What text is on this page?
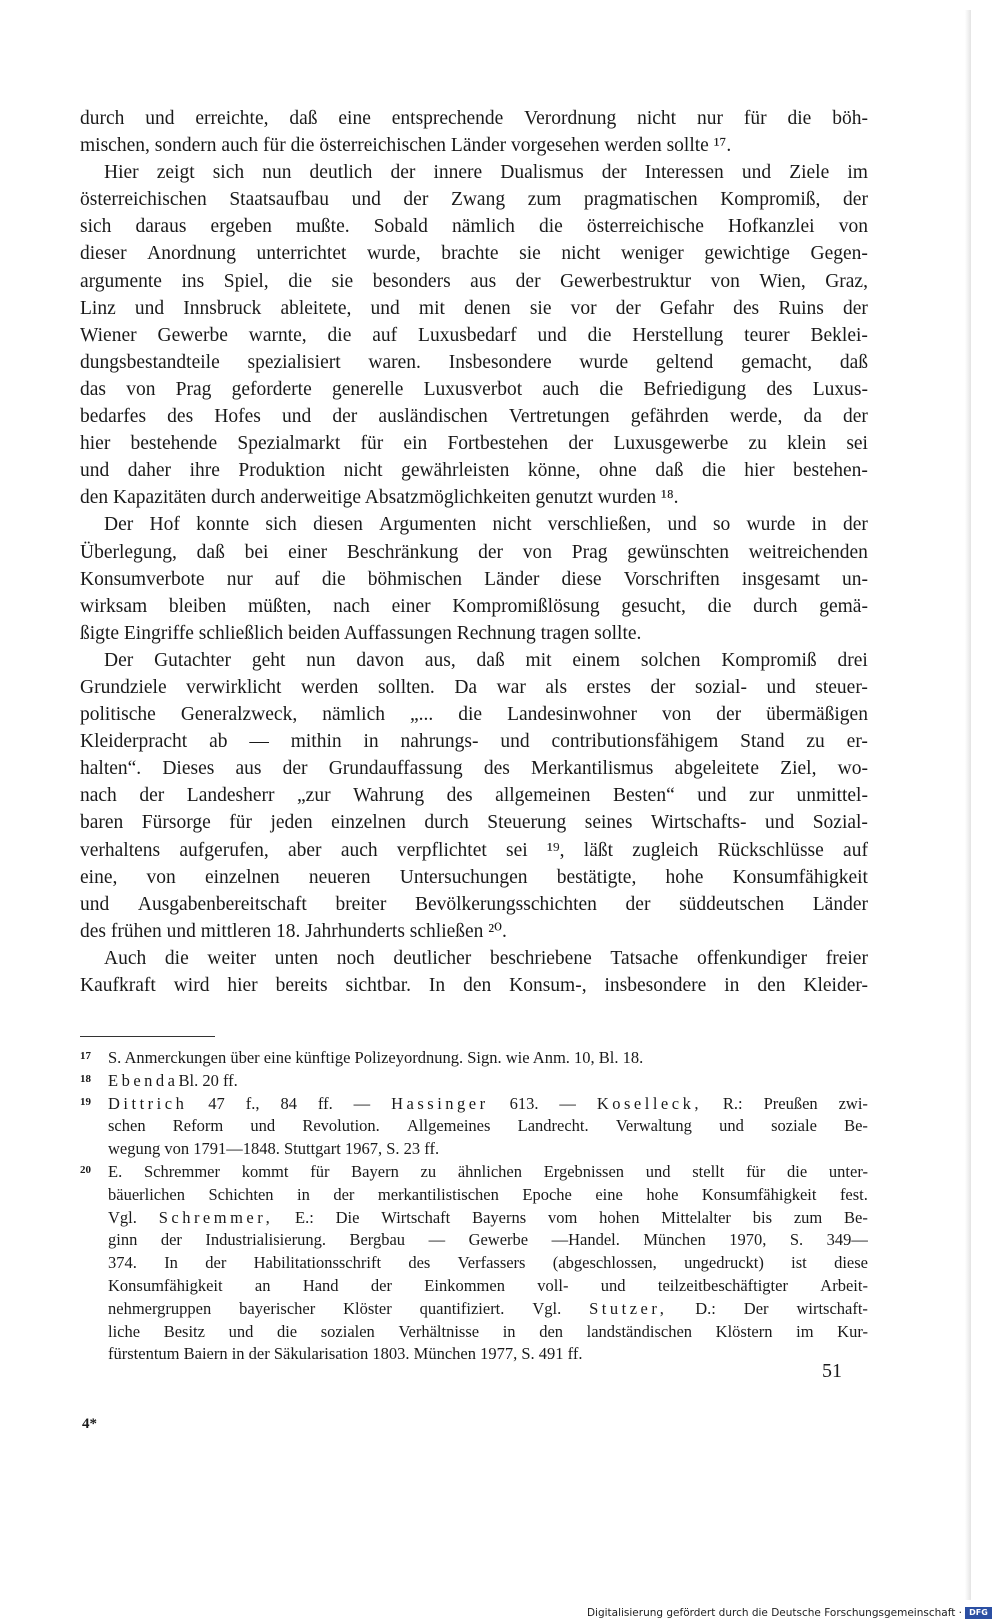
durch und erreichte, daß eine entsprechende Verordnung nicht nur für die böh-
mischen, sondern auch für die österreichischen Länder vorgesehen werden sollte ¹⁷.
Hier zeigt sich nun deutlich der innere Dualismus der Interessen und Ziele im
österreichischen Staatsaufbau und der Zwang zum pragmatischen Kompromiß, der
sich daraus ergeben mußte. Sobald nämlich die österreichische Hofkanzlei von
dieser Anordnung unterrichtet wurde, brachte sie nicht weniger gewichtige Gegen-
argumente ins Spiel, die sie besonders aus der Gewerbestruktur von Wien, Graz,
Linz und Innsbruck ableitete, und mit denen sie vor der Gefahr des Ruins der
Wiener Gewerbe warnte, die auf Luxusbedarf und die Herstellung teurer Beklei-
dungsbestandteile spezialisiert waren. Insbesondere wurde geltend gemacht, daß
das von Prag geforderte generelle Luxusverbot auch die Befriedigung des Luxus-
bedarfes des Hofes und der ausländischen Vertretungen gefährden werde, da der
hier bestehende Spezialmarkt für ein Fortbestehen der Luxusgewerbe zu klein sei
und daher ihre Produktion nicht gewährleisten könne, ohne daß die hier bestehen-
den Kapazitäten durch anderweitige Absatzmöglichkeiten genutzt wurden ¹⁸.
Der Hof konnte sich diesen Argumenten nicht verschließen, und so wurde in der
Überlegung, daß bei einer Beschränkung der von Prag gewünschten weitreichenden
Konsumverbote nur auf die böhmischen Länder diese Vorschriften insgesamt un-
wirksam bleiben müßten, nach einer Kompromißlösung gesucht, die durch gemä-
ßigte Eingriffe schließlich beiden Auffassungen Rechnung tragen sollte.
Der Gutachter geht nun davon aus, daß mit einem solchen Kompromiß drei
Grundziele verwirklicht werden sollten. Da war als erstes der sozial- und steuer-
politische Generalzweck, nämlich „... die Landesinwohner von der übermäßigen
Kleiderpracht ab — mithin in nahrungs- und contributionsfähigem Stand zu er-
halten“. Dieses aus der Grundauffassung des Merkantilismus abgeleitete Ziel, wo-
nach der Landesherr „zur Wahrung des allgemeinen Besten“ und zur unmittel-
baren Fürsorge für jeden einzelnen durch Steuerung seines Wirtschafts- und Sozial-
verhaltens aufgerufen, aber auch verpflichtet sei ¹⁹, läßt zugleich Rückschlüsse auf
eine, von einzelnen neueren Untersuchungen bestätigte, hohe Konsumfähigkeit
und Ausgabenbereitschaft breiter Bevölkerungsschichten der süddeutschen Länder
des frühen und mittleren 18. Jahrhunderts schließen ²⁰.
Auch die weiter unten noch deutlicher beschriebene Tatsache offenkundiger freier
Kaufkraft wird hier bereits sichtbar. In den Konsum-, insbesondere in den Kleider-
17 S. Anmerckungen über eine künftige Polizeyordnung. Sign. wie Anm. 10, Bl. 18.
18 Ebenda Bl. 20 ff.
19 Dittrich 47 f., 84 ff. — Hassinger 613. — Koselleck, R.: Preußen zwi-
schen Reform und Revolution. Allgemeines Landrecht. Verwaltung und soziale Be-
wegung von 1791—1848. Stuttgart 1967, S. 23 ff.
20 E. Schremmer kommt für Bayern zu ähnlichen Ergebnissen und stellt für die unter-
bäuerlichen Schichten in der merkantilistischen Epoche eine hohe Konsumfähigkeit fest.
Vgl. Schremmer, E.: Die Wirtschaft Bayerns vom hohen Mittelalter bis zum Be-
ginn der Industrialisierung. Bergbau — Gewerbe —Handel. München 1970, S. 349—
374. In der Habilitationsschrift des Verfassers (abgeschlossen, ungedruckt) ist diese
Konsumfähigkeit an Hand der Einkommen voll- und teilzeitbeschäftigter Arbeit-
nehmergruppen bayerischer Klöster quantifiziert. Vgl. Stutzer, D.: Der wirtschaft-
liche Besitz und die sozialen Verhältnisse in den landständischen Klöstern im Kur-
fürstentum Baiern in der Säkularisation 1803. München 1977, S. 491 ff.
51
4*
Digitalisierung gefördert durch die Deutsche Forschungsgemeinschaft · DFG
